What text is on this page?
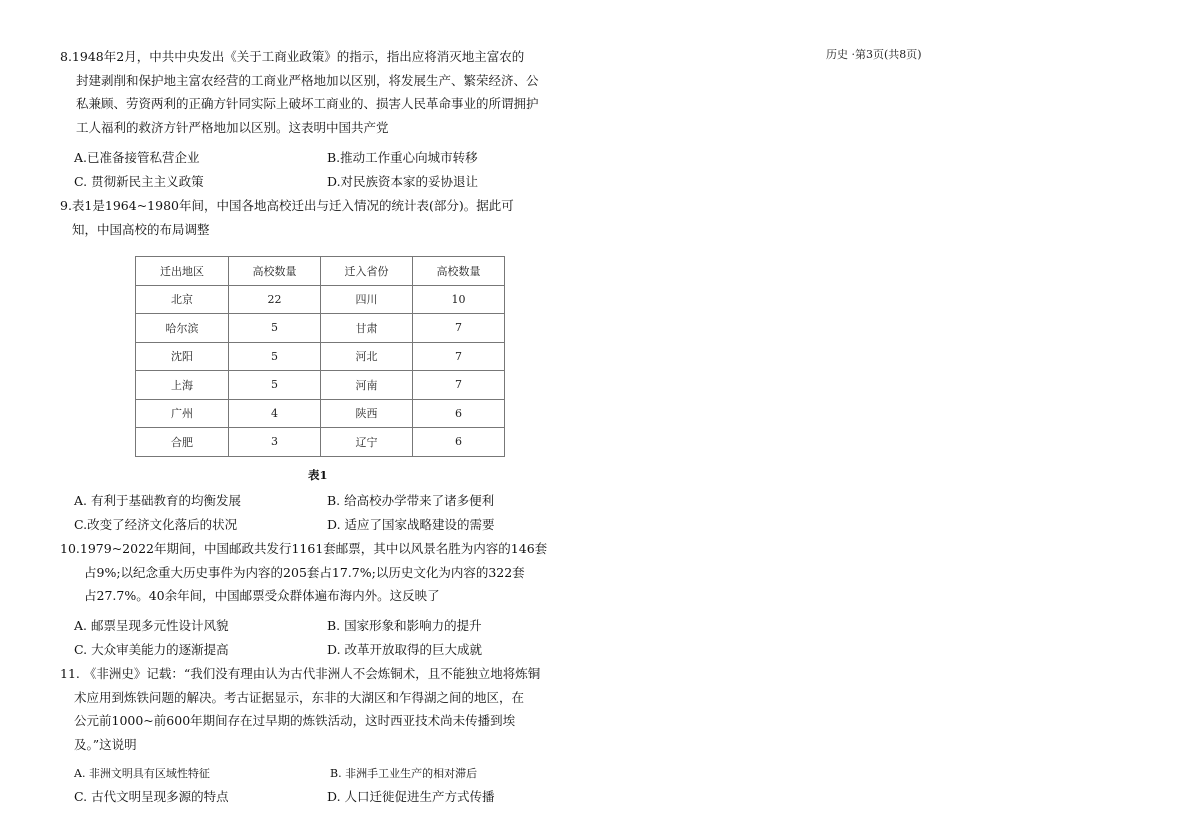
历史 ·第3页(共8页)

8.1948年2月，中共中央发出《关于工商业政策》的指示，指出应将消灭地主富农的

封建剥削和保护地主富农经营的工商业严格地加以区别，将发展生产、繁荣经济、公

私兼顾、劳资两利的正确方针同实际上破坏工商业的、损害人民革命事业的所谓拥护

工人福利的救济方针严格地加以区别。这表明中国共产党

A.已准备接管私营企业	B.推动工作重心向城市转移
C. 贯彻新民主主义政策	D.对民族资本家的妥协退让

9.表1是1964~1980年间，中国各地高校迁出与迁入情况的统计表(部分)。据此可

知，中国高校的布局调整

迁出地区	高校数量	迁入省份	高校数量
北京	22	四川	10
哈尔滨	5	甘肃	7
沈阳	5	河北	7
上海	5	河南	7
广州	4	陕西	6
合肥	3	辽宁	6
表1
A. 有利于基础教育的均衡发展	B. 给高校办学带来了诸多便利
C.改变了经济文化落后的状况	D. 适应了国家战略建设的需要

10.1979~2022年期间，中国邮政共发行1161套邮票，其中以风景名胜为内容的146套

占9%;以纪念重大历史事件为内容的205套占17.7%;以历史文化为内容的322套

占27.7%。40余年间，中国邮票受众群体遍布海内外。这反映了

A. 邮票呈现多元性设计风貌	B. 国家形象和影响力的提升
C. 大众审美能力的逐渐提高	D. 改革开放取得的巨大成就

11. 《非洲史》记载：“我们没有理由认为古代非洲人不会炼铜术，且不能独立地将炼铜

术应用到炼铁问题的解决。考古证据显示，东非的大湖区和乍得湖之间的地区，在

公元前1000~前600年期间存在过早期的炼铁活动，这时西亚技术尚未传播到埃

及。”这说明

A. 非洲文明具有区域性特征	B. 非洲手工业生产的相对滞后
C. 古代文明呈现多源的特点	D. 人口迁徙促进生产方式传播
